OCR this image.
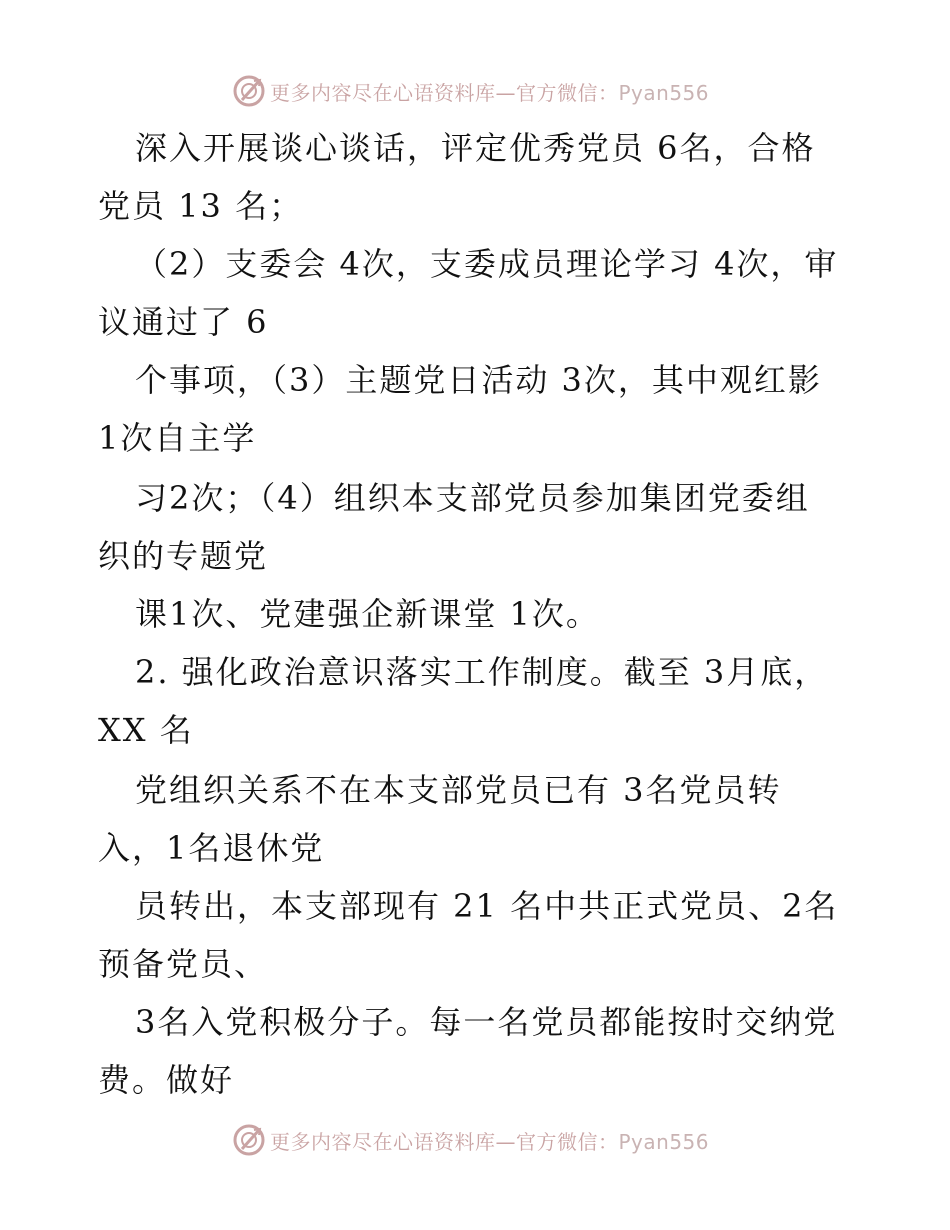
更多内容尽在心语资料库—官方微信：Pyan556
深入开展谈心谈话，评定优秀党员 6名，合格
党员 13 名；
（2）支委会 4次，支委成员理论学习 4次，审
议通过了 6
个事项，（3）主题党日活动 3次，其中观红影
1次自主学
习2次；（4）组织本支部党员参加集团党委组
织的专题党
课1次、党建强企新课堂 1次。
2. 强化政治意识落实工作制度。截至 3月底，
XX 名
党组织关系不在本支部党员已有 3名党员转
入，1名退休党
员转出，本支部现有 21 名中共正式党员、2名
预备党员、
3名入党积极分子。每一名党员都能按时交纳党
费。做好
更多内容尽在心语资料库—官方微信：Pyan556
